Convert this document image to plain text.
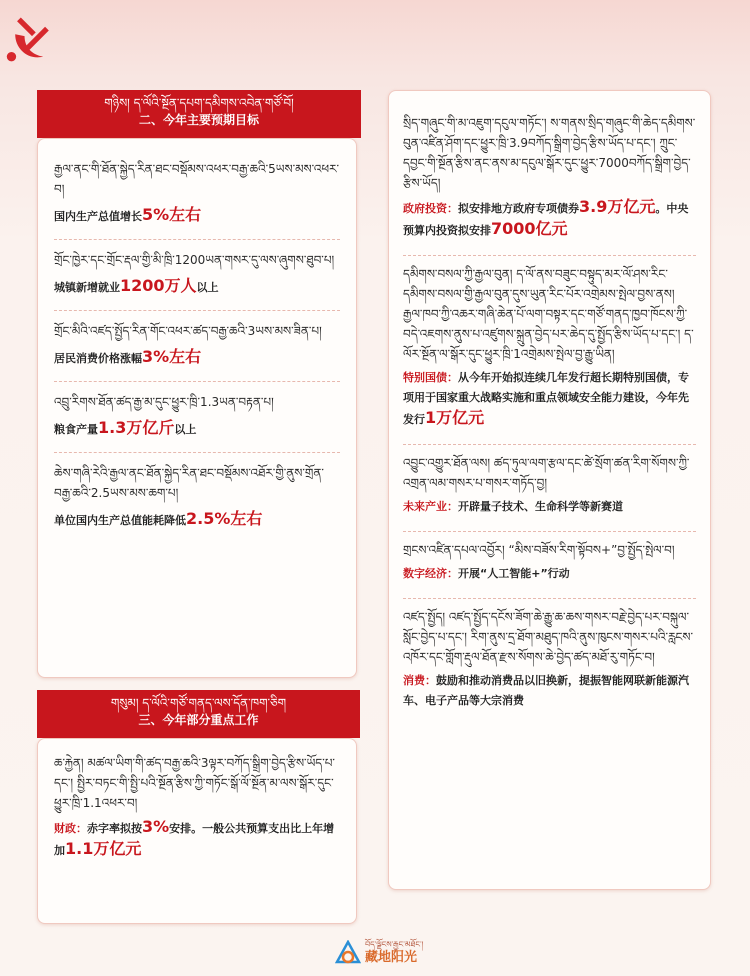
གཉིས། ད་ལོའི་སྔོན་དཔག་དམིགས་འབེན་གཙོ་བོ།
二、今年主要预期目标
རྒྱལ་ནང་གི་ཐོན་སྐྱེད་རིན་ཐང་བསྡོམས་འཕར་བརྒྱ་ཆའི་5ཡས་མས་འཕར་བ།
国内生产总值增长5%左右
གྲོང་ཁྱེར་དང་གྲོང་རྡལ་གྱི་མི་ཁྲི་1200ཡན་གསར་དུ་ལས་ཞུགས་ཐུབ་པ།
城镇新增就业1200万人以上
གྲོང་མིའི་འཛད་སྤྱོད་རིན་གོང་འཕར་ཚད་བརྒྱ་ཆའི་3ཡས་མས་ཟིན་པ།
居民消费价格涨幅3%左右
འབྲུ་རིགས་ཐོན་ཚད་རྒྱ་མ་དུང་ཕྱུར་ཁྲི་1.3ཡན་བརྟན་པ།
粮食产量1.3万亿斤以上
ཆེས་གཞི་རེའི་རྒྱལ་ནང་ཐོན་སྐྱེད་རིན་ཐང་བསྡོམས་འཐོར་གྱི་ནུས་གྲོན་བརྒྱ་ཆའི་2.5ཡས་མས་ཆག་པ།
单位国内生产总值能耗降低2.5%左右
གསུམ། ད་ལོའི་གཙོ་གནད་ལས་དོན་ཁག་ཅིག
三、今年部分重点工作
ཆ་རྐྱེན། མཚལ་ཡིག་གི་ཚད་བརྒྱ་ཆའི་3ལྟར་བཀོད་སྒྲིག་བྱེད་རྩིས་ཡོད་པ་དང་། སྤྱིར་བཏང་གི་སྤྱི་པའི་སྔོན་རྩིས་ཀྱི་གཏོང་སྒོ་ལོ་སྔོན་མ་ལས་སྒོར་དུང་ཕྱུར་ཁྲི་1.1འཕར་བ།
财政：赤字率拟按3%安排。一般公共预算支出比上年增加1.1万亿元
སྲིད་གཞུང་གི་མ་འཇུག་དངུལ་གཏོང་། ས་གནས་སྲིད་གཞུང་གི་ཆེད་དམིགས་བུན་འཛིན་ཤོག་དང་ཕྱུར་ཁྲི་3.9བཀོད་སྒྲིག་བྱེད་རྩིས་ཡོད་པ་དང་། ཀྲུང་དབྱང་གི་སྔོན་རྩིས་ནང་ནས་མ་དངུལ་སྒོར་དུང་ཕྱུར་7000བཀོད་སྒྲིག་བྱེད་རྩིས་ཡོད།
政府投资：拟安排地方政府专项债券3.9万亿元。中央预算内投资拟安排7000亿元
དམིགས་བསལ་ཀྱི་རྒྱལ་བུན། ད་ལོ་ནས་བཟུང་བསྟུད་མར་ལོ་ཤས་རིང་དམིགས་བསལ་གྱི་རྒྱལ་བུན་དུས་ཡུན་རིང་པོར་འགྲེམས་སྤེལ་བྱས་ནས། རྒྱལ་ཁབ་ཀྱི་འཆར་གཞི་ཆེན་པོ་ལག་བསྟར་དང་གཙོ་གནད་ཁྱབ་ཁོངས་ཀྱི་བདེ་འཇགས་ནུས་པ་འཛུགས་སྐྲུན་བྱེད་པར་ཆེད་དུ་སྤྱོད་རྩིས་ཡོད་པ་དང་། ད་ལོར་སྔོན་ལ་སྒོར་དུང་ཕྱུར་ཁྲི་1འགྲེམས་སྤེལ་བྱ་རྒྱུ་ཡིན།
特别国债：从今年开始拟连续几年发行超长期特别国债，专项用于国家重大战略实施和重点领域安全能力建设，今年先发行1万亿元
འབྱུང་འགྱུར་ཐོན་ལས། ཚད་ཏུལ་ལག་རྩལ་དང་ཚེ་སྲོག་ཚན་རིག་སོགས་ཀྱི་འགྲན་ལམ་གསར་པ་གསར་གཏོད་བྱ།
未来产业：开辟量子技术、生命科学等新赛道
གྲངས་འཛིན་དཔལ་འབྱོར། “མིས་བཟོས་རིག་སྟོབས+”བྱ་སྤྱོད་སྤེལ་བ།
数字经济：开展“人工智能+”行动
འཛད་སྤྱོད། འཛད་སྤྱོད་དངོས་ཟོག་ཆེ་རྒྱུ་ཆ་ཆས་གསར་བརྗེ་བྱེད་པར་བསྐུལ་སློང་བྱེད་པ་དང་། རིག་ནུས་དྲ་ཐོག་མཐུད་ཁའི་ནུས་ཁུངས་གསར་པའི་རླངས་འཁོར་དང་གློག་རྡུལ་ཐོན་རྫས་སོགས་ཆེ་བྱེད་ཚད་མཐོ་རུ་གཏོང་བ།
消费：鼓励和推动消费品以旧换新，提振智能网联新能源汽车、电子产品等大宗消费
བོད་ལྗོངས་རྒྱང་མཐོང་།
藏地阳光
